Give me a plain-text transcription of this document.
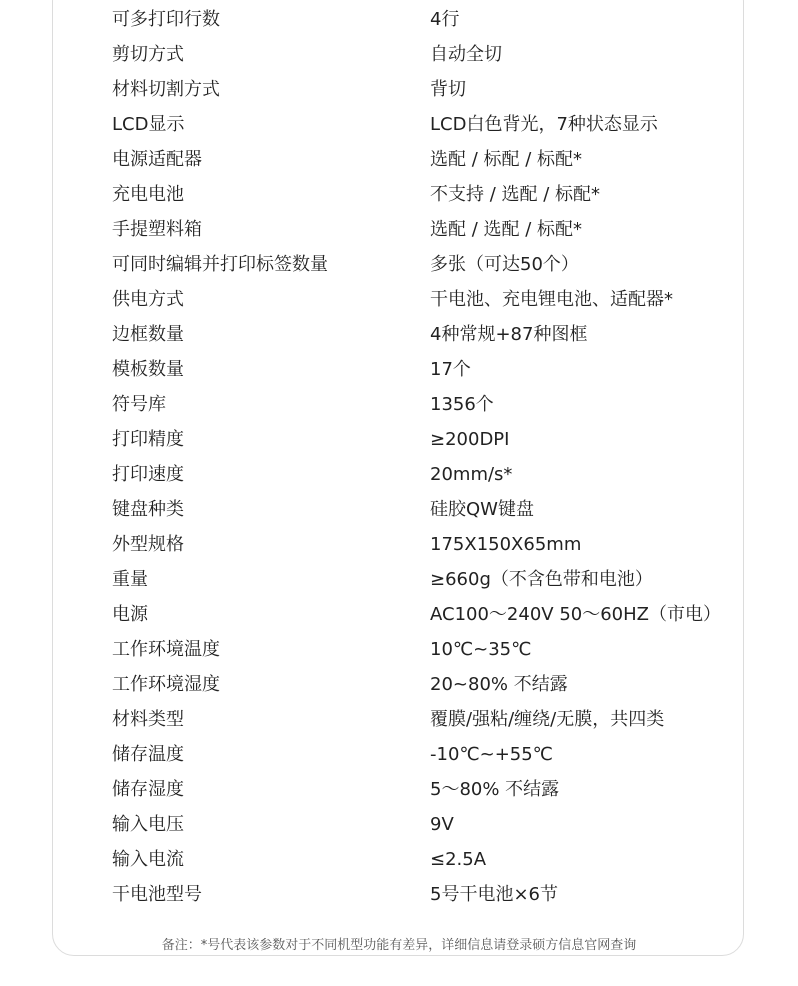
可多打印行数	4行
剪切方式	自动全切
材料切割方式	背切
LCD显示	LCD白色背光，7种状态显示
电源适配器	选配 / 标配 / 标配*
充电电池	不支持 / 选配 / 标配*
手提塑料箱	选配 / 选配 / 标配*
可同时编辑并打印标签数量	多张（可达50个）
供电方式	干电池、充电锂电池、适配器*
边框数量	4种常规+87种图框
模板数量	17个
符号库	1356个
打印精度	≥200DPI
打印速度	20mm/s*
键盘种类	硅胶QW键盘
外型规格	175X150X65mm
重量	≥660g（不含色带和电池）
电源	AC100～240V 50～60HZ（市电）
工作环境温度	10℃~35℃
工作环境湿度	20~80% 不结露
材料类型	覆膜/强粘/缠绕/无膜，共四类
储存温度	-10℃~+55℃
储存湿度	5～80% 不结露
输入电压	9V
输入电流	≤2.5A
干电池型号	5号干电池×6节
备注：*号代表该参数对于不同机型功能有差异，详细信息请登录硕方信息官网查询
